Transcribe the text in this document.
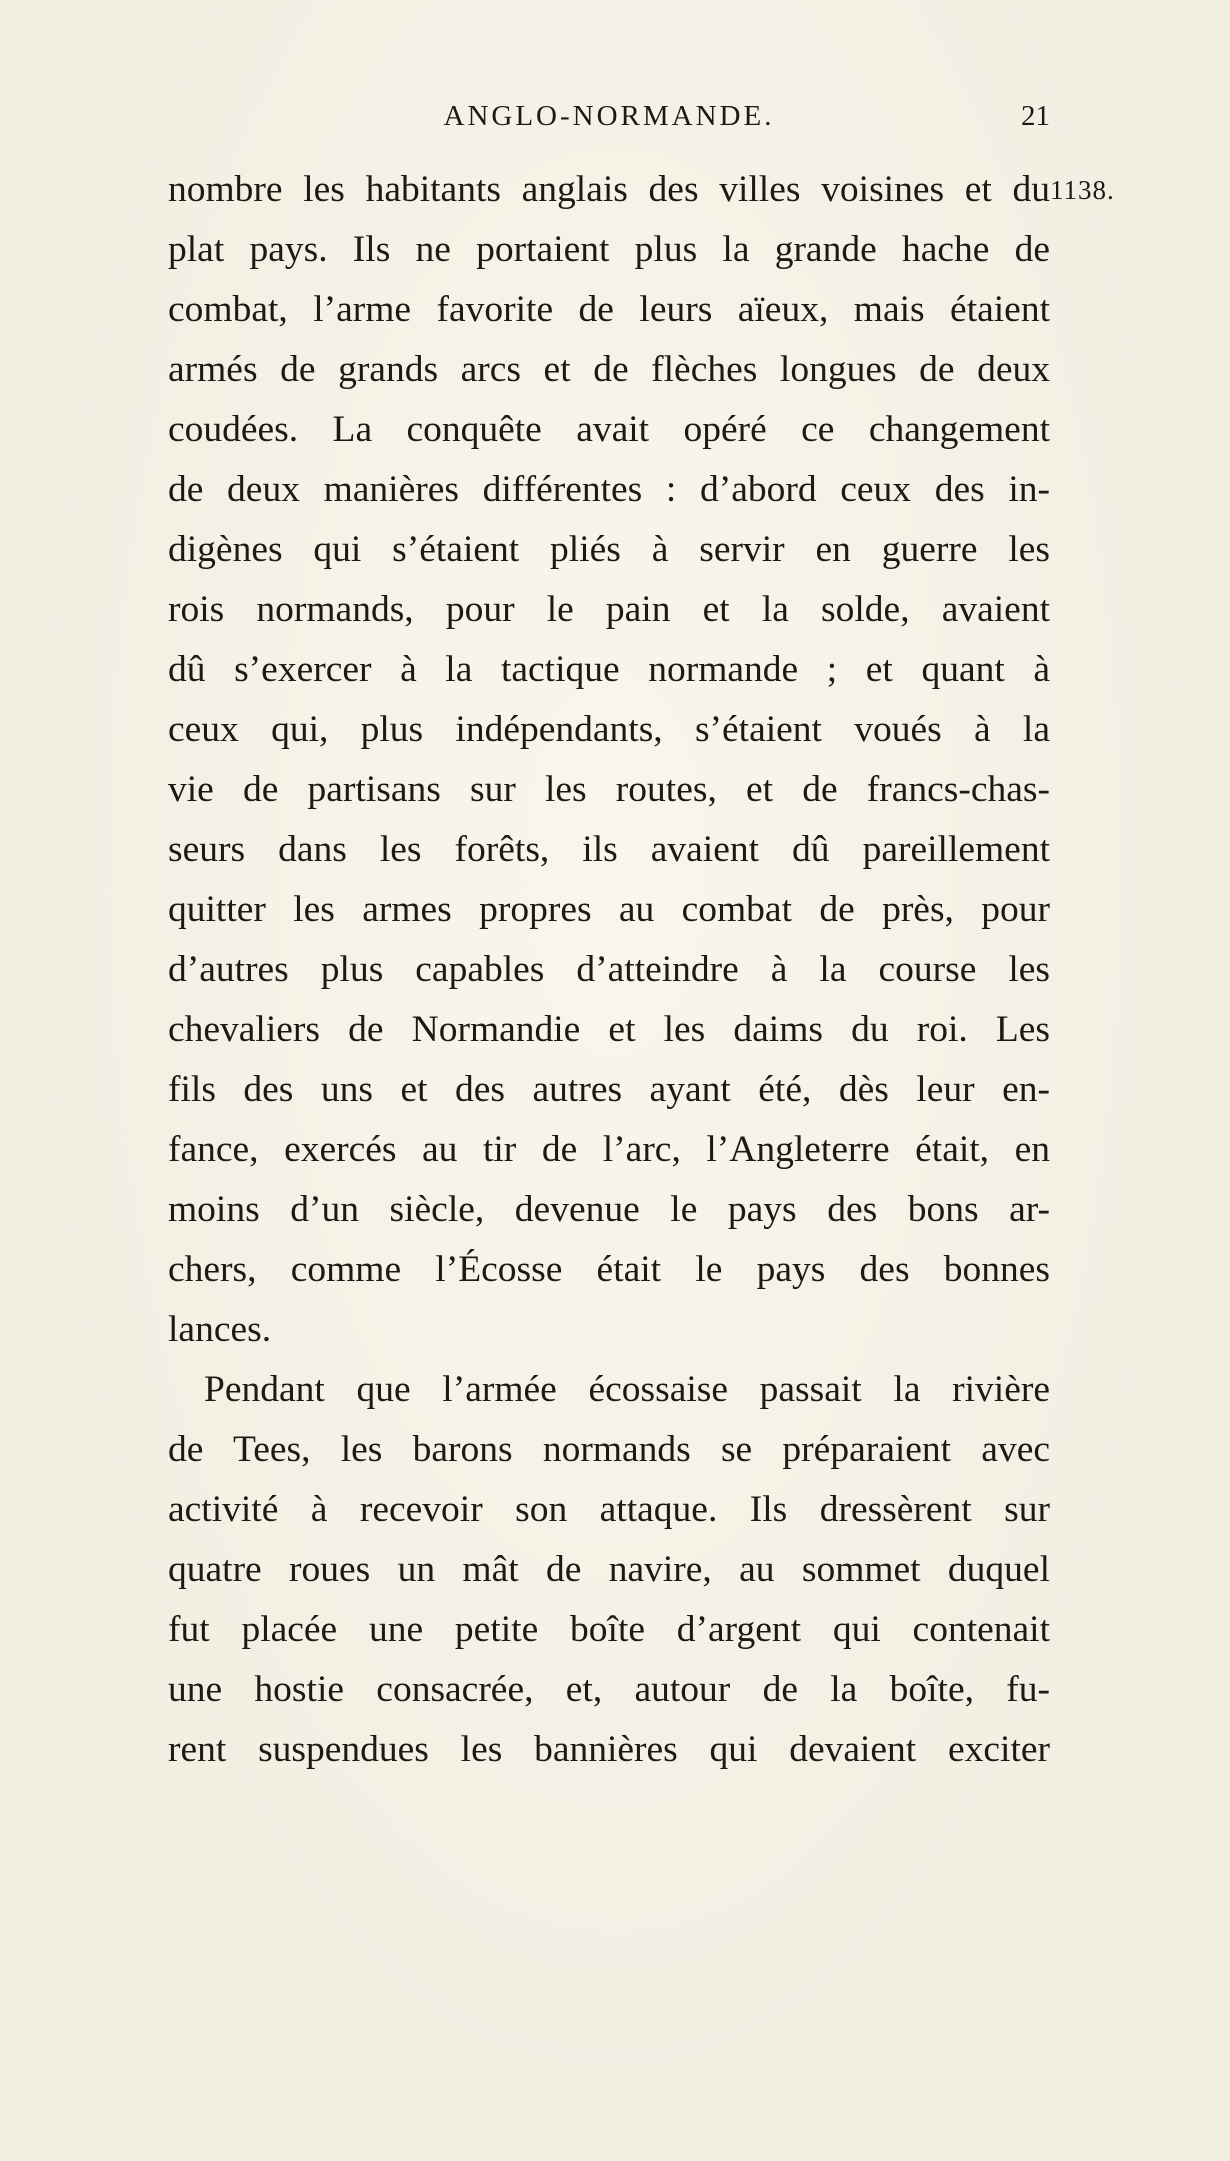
ANGLO-NORMANDE.	21
1138.
nombre les habitants anglais des villes voisines et du
plat pays. Ils ne portaient plus la grande hache de
combat, l’arme favorite de leurs aïeux, mais étaient
armés de grands arcs et de flèches longues de deux
coudées. La conquête avait opéré ce changement
de deux manières différentes : d’abord ceux des in-
digènes qui s’étaient pliés à servir en guerre les
rois normands, pour le pain et la solde, avaient
dû s’exercer à la tactique normande ; et quant à
ceux qui, plus indépendants, s’étaient voués à la
vie de partisans sur les routes, et de francs-chas-
seurs dans les forêts, ils avaient dû pareillement
quitter les armes propres au combat de près, pour
d’autres plus capables d’atteindre à la course les
chevaliers de Normandie et les daims du roi. Les
fils des uns et des autres ayant été, dès leur en-
fance, exercés au tir de l’arc, l’Angleterre était, en
moins d’un siècle, devenue le pays des bons ar-
chers, comme l’Écosse était le pays des bonnes
lances.
Pendant que l’armée écossaise passait la rivière
de Tees, les barons normands se préparaient avec
activité à recevoir son attaque. Ils dressèrent sur
quatre roues un mât de navire, au sommet duquel
fut placée une petite boîte d’argent qui contenait
une hostie consacrée, et, autour de la boîte, fu-
rent suspendues les bannières qui devaient exciter
